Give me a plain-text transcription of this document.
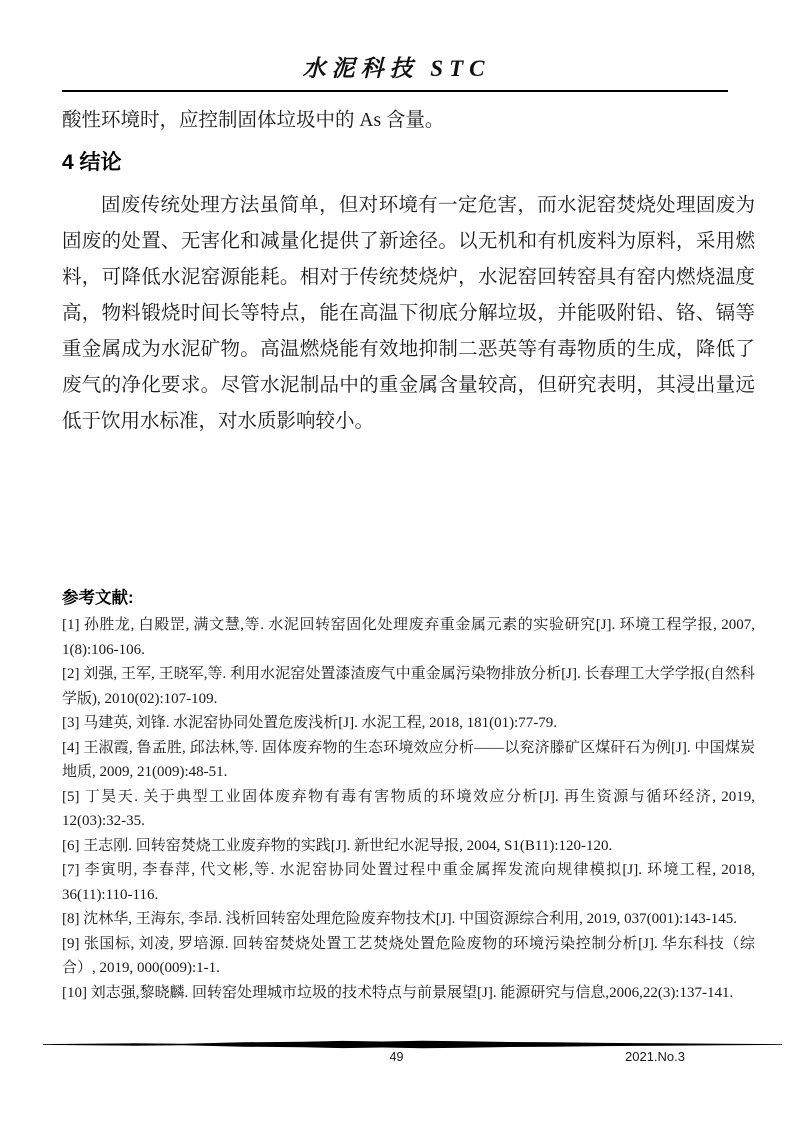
水泥科技 STC
酸性环境时，应控制固体垃圾中的 As 含量。
4 结论

固废传统处理方法虽简单，但对环境有一定危害，而水泥窑焚烧处理固废为固废的处置、无害化和减量化提供了新途径。以无机和有机废料为原料，采用燃料，可降低水泥窑源能耗。相对于传统焚烧炉，水泥窑回转窑具有窑内燃烧温度高，物料锻烧时间长等特点，能在高温下彻底分解垃圾，并能吸附铅、铬、镉等重金属成为水泥矿物。高温燃烧能有效地抑制二恶英等有毒物质的生成，降低了废气的净化要求。尽管水泥制品中的重金属含量较高，但研究表明，其浸出量远低于饮用水标准，对水质影响较小。

参考文献:

[1] 孙胜龙, 白殿罡, 满文慧,等. 水泥回转窑固化处理废弃重金属元素的实验研究[J]. 环境工程学报, 2007, 1(8):106-106.

[2] 刘强, 王军, 王晓军,等. 利用水泥窑处置漆渣废气中重金属污染物排放分析[J]. 长春理工大学学报(自然科学版), 2010(02):107-109.

[3] 马建英, 刘锋. 水泥窑协同处置危废浅析[J]. 水泥工程, 2018, 181(01):77-79.

[4] 王淑霞, 鲁孟胜, 邱法林,等. 固体废弃物的生态环境效应分析——以兖济滕矿区煤矸石为例[J]. 中国煤炭地质, 2009, 21(009):48-51.

[5] 丁昊天. 关于典型工业固体废弃物有毒有害物质的环境效应分析[J]. 再生资源与循环经济, 2019, 12(03):32-35.

[6] 王志刚. 回转窑焚烧工业废弃物的实践[J]. 新世纪水泥导报, 2004, S1(B11):120-120.

[7] 李寅明, 李春萍, 代文彬,等. 水泥窑协同处置过程中重金属挥发流向规律模拟[J]. 环境工程, 2018, 36(11):110-116.

[8] 沈林华, 王海东, 李昂. 浅析回转窑处理危险废弃物技术[J]. 中国资源综合利用, 2019, 037(001):143-145.

[9] 张国标, 刘凌, 罗培源. 回转窑焚烧处置工艺焚烧处置危险废物的环境污染控制分析[J]. 华东科技（综合）, 2019, 000(009):1-1.

[10] 刘志强,黎晓麟. 回转窑处理城市垃圾的技术特点与前景展望[J]. 能源研究与信息,2006,22(3):137-141.

49	2021.No.3
